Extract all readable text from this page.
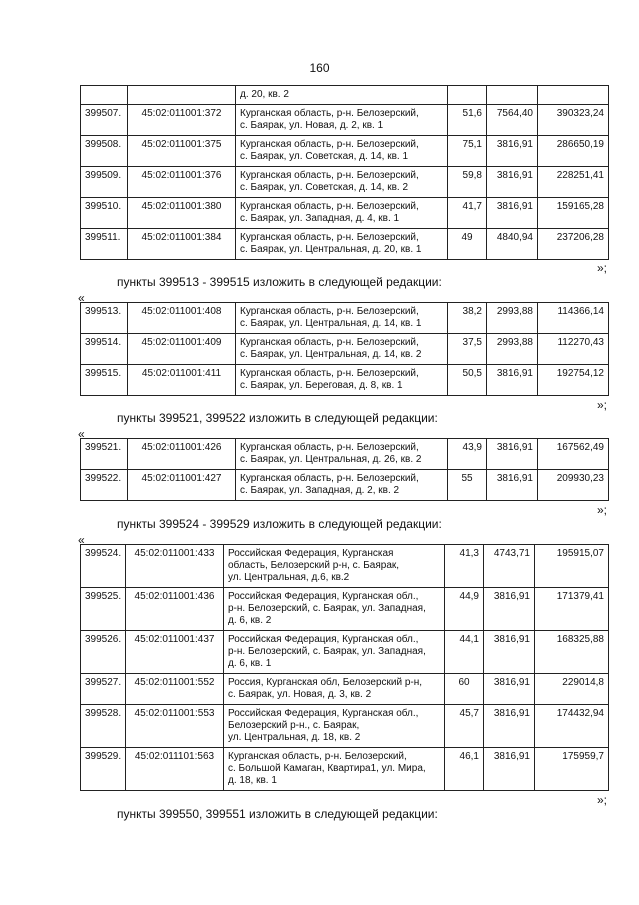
160
		д. 20, кв. 2			
399507.	45:02:011001:372	Курганская область, р-н. Белозерский,
с. Баярак, ул. Новая, д. 2, кв. 1	51,6	7564,40	390323,24
399508.	45:02:011001:375	Курганская область, р-н. Белозерский,
с. Баярак, ул. Советская, д. 14, кв. 1	75,1	3816,91	286650,19
399509.	45:02:011001:376	Курганская область, р-н. Белозерский,
с. Баярак, ул. Советская, д. 14, кв. 2	59,8	3816,91	228251,41
399510.	45:02:011001:380	Курганская область, р-н. Белозерский,
с. Баярак, ул. Западная, д. 4, кв. 1	41,7	3816,91	159165,28
399511.	45:02:011001:384	Курганская область, р-н. Белозерский,
с. Баярак, ул. Центральная, д. 20, кв. 1	49	4840,94	237206,28
»;
пункты 399513 - 399515 изложить в следующей редакции:
«
399513.	45:02:011001:408	Курганская область, р-н. Белозерский,
с. Баярак, ул. Центральная, д. 14, кв. 1	38,2	2993,88	114366,14
399514.	45:02:011001:409	Курганская область, р-н. Белозерский,
с. Баярак, ул. Центральная, д. 14, кв. 2	37,5	2993,88	112270,43
399515.	45:02:011001:411	Курганская область, р-н. Белозерский,
с. Баярак, ул. Береговая, д. 8, кв. 1	50,5	3816,91	192754,12
»;
пункты 399521, 399522 изложить в следующей редакции:
«
399521.	45:02:011001:426	Курганская область, р-н. Белозерский,
с. Баярак, ул. Центральная, д. 26, кв. 2	43,9	3816,91	167562,49
399522.	45:02:011001:427	Курганская область, р-н. Белозерский,
с. Баярак, ул. Западная, д. 2, кв. 2	55	3816,91	209930,23
»;
пункты 399524 - 399529 изложить в следующей редакции:
«
399524.	45:02:011001:433	Российская Федерация, Курганская
область, Белозерский р-н, с. Баярак,
ул. Центральная, д.6, кв.2	41,3	4743,71	195915,07
399525.	45:02:011001:436	Российская Федерация, Курганская обл.,
р-н. Белозерский, с. Баярак, ул. Западная,
д. 6, кв. 2	44,9	3816,91	171379,41
399526.	45:02:011001:437	Российская Федерация, Курганская обл.,
р-н. Белозерский, с. Баярак, ул. Западная,
д. 6, кв. 1	44,1	3816,91	168325,88
399527.	45:02:011001:552	Россия, Курганская обл, Белозерский р-н,
с. Баярак, ул. Новая, д. 3, кв. 2	60	3816,91	229014,8
399528.	45:02:011001:553	Российская Федерация, Курганская обл.,
Белозерский р-н., с. Баярак,
ул. Центральная, д. 18, кв. 2	45,7	3816,91	174432,94
399529.	45:02:011101:563	Курганская область, р-н. Белозерский,
с. Большой Камаган, Квартира1, ул. Мира,
д. 18, кв. 1	46,1	3816,91	175959,7
»;
пункты 399550, 399551 изложить в следующей редакции:
